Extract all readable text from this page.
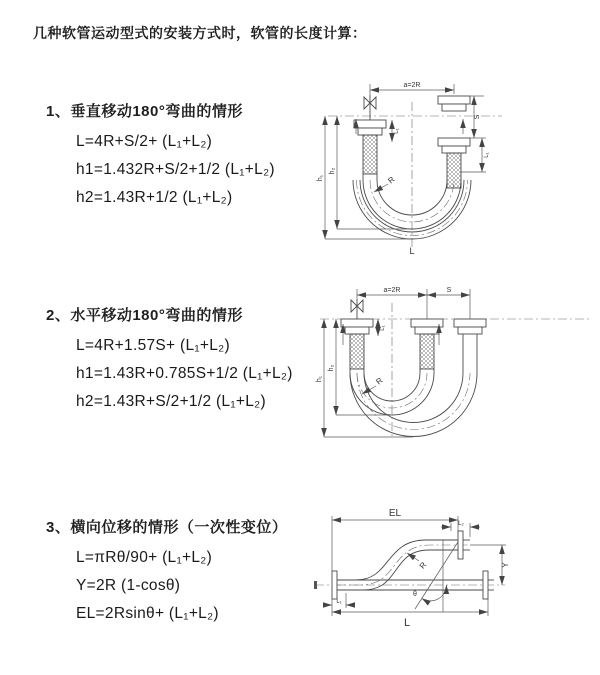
几种软管运动型式的安装方式时，软管的长度计算：

1、垂直移动180°弯曲的情形

L=4R+S/2+ (L₁+L₂)

h1=1.432R+S/2+1/2 (L₁+L₂)

h2=1.43R+1/2 (L₁+L₂)

2、水平移动180°弯曲的情形

L=4R+1.57S+ (L₁+L₂)

h1=1.43R+0.785S+1/2 (L₁+L₂)

h2=1.43R+S/2+1/2 (L₁+L₂)

3、横向位移的情形（一次性变位）

L=πRθ/90+ (L₁+L₂)

Y=2R (1-cosθ)

EL=2Rsinθ+ (L₁+L₂)

a=2R
h₁
h₂
L₁
S
L₁
R
L
a=2R	S
h₁
h₂
L₁
R
EL
L₂
Y
θ
R
L₁
L
